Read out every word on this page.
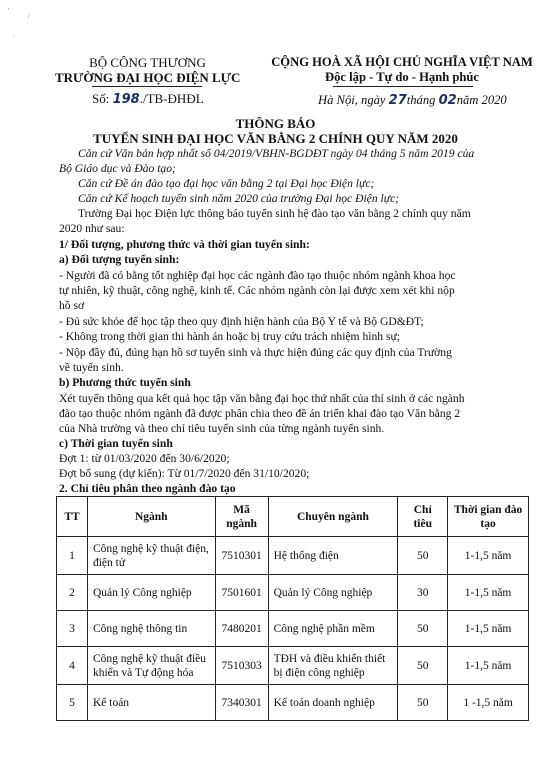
'
/
.
BỘ CÔNG THƯƠNG
TRƯỜNG ĐẠI HỌC ĐIỆN LỰC
Số: 198./TB-ĐHĐL
CỘNG HOÀ XÃ HỘI CHỦ NGHĨA VIỆT NAM
Độc lập - Tự do - Hạnh phúc
Hà Nội, ngày 27tháng 02năm 2020
THÔNG BÁO
TUYỂN SINH ĐẠI HỌC VĂN BẰNG 2 CHÍNH QUY NĂM 2020
Căn cứ Văn bản hợp nhất số 04/2019/VBHN-BGDĐT ngày 04 tháng 5 năm 2019 của
Bộ Giáo dục và Đào tạo;
Căn cứ Đề án đào tạo đại học văn bằng 2 tại Đại học Điện lực;
Căn cứ Kế hoạch tuyển sinh năm 2020 của trường Đại học Điện lực;
Trường Đại học Điện lực thông báo tuyển sinh hệ đào tạo văn bằng 2 chính quy năm
2020 như sau:
1/ Đối tượng, phương thức và thời gian tuyển sinh:
a) Đối tượng tuyển sinh:
- Người đã có bằng tốt nghiệp đại học các ngành đào tạo thuộc nhóm ngành khoa học
tự nhiên, kỹ thuật, công nghệ, kinh tế. Các nhóm ngành còn lại được xem xét khi nộp
hồ sơ
- Đủ sức khỏe để học tập theo quy định hiện hành của Bộ Y tế và Bộ GD&ĐT;
- Không trong thời gian thi hành án hoặc bị truy cứu trách nhiệm hình sự;
- Nộp đầy đủ, đúng hạn hồ sơ tuyển sinh và thực hiện đúng các quy định của Trường
về tuyển sinh.
b) Phương thức tuyển sinh
Xét tuyển thông qua kết quả học tập văn bằng đại học thứ nhất của thí sinh ở các ngành
đào tạo thuộc nhóm ngành đã được phân chia theo đề án triển khai đào tạo Văn bằng 2
của Nhà trường và theo chỉ tiêu tuyển sinh của từng ngành tuyển sinh.
c) Thời gian tuyển sinh
Đợt 1: từ 01/03/2020 đến 30/6/2020;
Đợt bổ sung (dự kiến): Từ 01/7/2020 đến 31/10/2020;
2. Chỉ tiêu phân theo ngành đào tạo
TT	Ngành	Mã ngành	Chuyên ngành	Chỉ tiêu	Thời gian đào tạo
1	Công nghệ kỹ thuật điện, điện tử	7510301	Hệ thống điện	50	1-1,5 năm
2	Quản lý Công nghiệp	7501601	Quản lý Công nghiệp	30	1-1,5 năm
3	Công nghệ thông tin	7480201	Công nghệ phần mềm	50	1-1,5 năm
4	Công nghệ kỹ thuật điều khiển và Tự động hóa	7510303	TĐH và điều khiển thiết bị điện công nghiệp	50	1-1,5 năm
5	Kế toán	7340301	Kế toán doanh nghiệp	50	1 -1,5 năm
